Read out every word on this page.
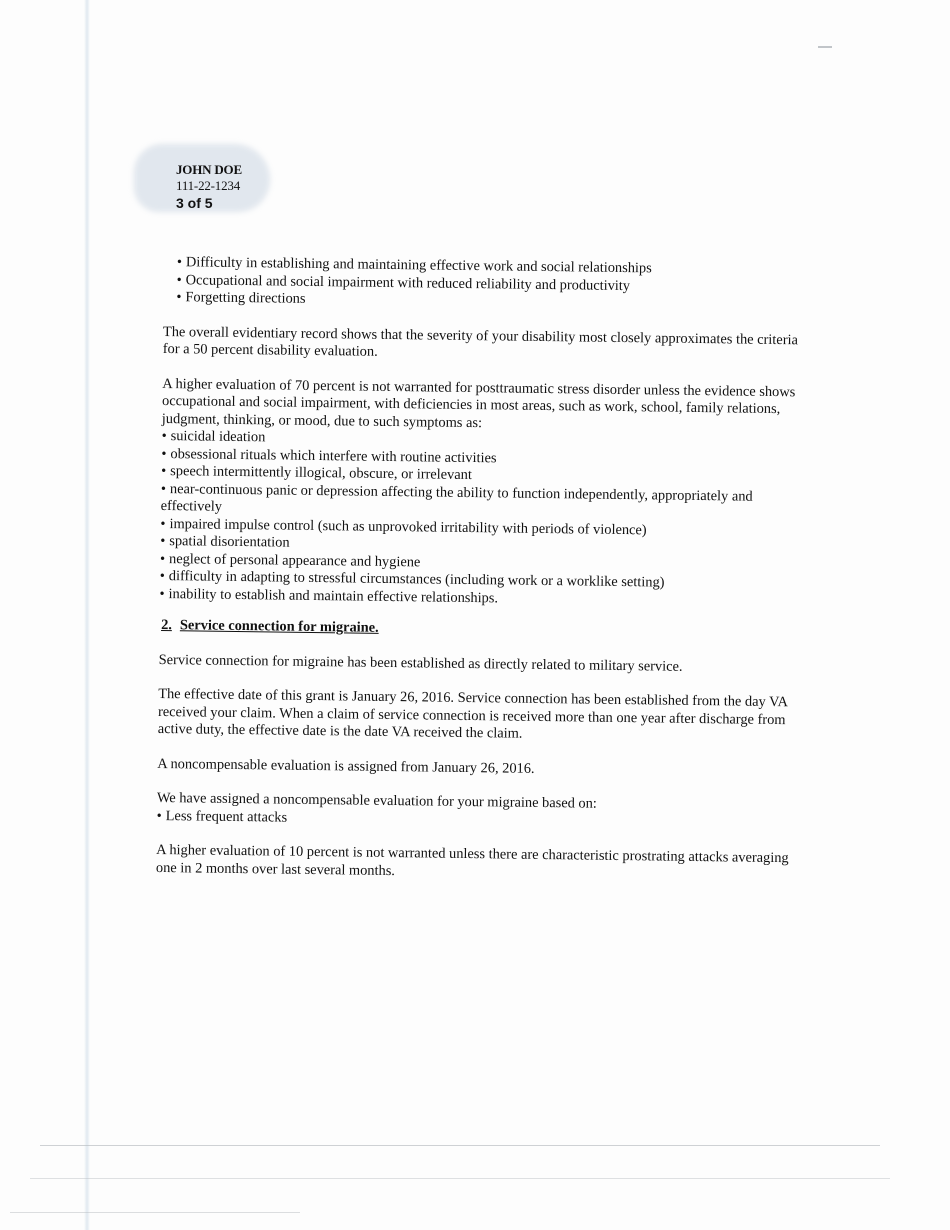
JOHN DOE
111-22-1234
3 of 5
• Difficulty in establishing and maintaining effective work and social relationships
• Occupational and social impairment with reduced reliability and productivity
• Forgetting directions

The overall evidentiary record shows that the severity of your disability most closely approximates the criteria for a 50 percent disability evaluation.

A higher evaluation of 70 percent is not warranted for posttraumatic stress disorder unless the evidence shows occupational and social impairment, with deficiencies in most areas, such as work, school, family relations, judgment, thinking, or mood, due to such symptoms as:

• suicidal ideation
• obsessional rituals which interfere with routine activities
• speech intermittently illogical, obscure, or irrelevant
• near-continuous panic or depression affecting the ability to function independently, appropriately and effectively
• impaired impulse control (such as unprovoked irritability with periods of violence)
• spatial disorientation
• neglect of personal appearance and hygiene
• difficulty in adapting to stressful circumstances (including work or a worklike setting)
• inability to establish and maintain effective relationships.

2. Service connection for migraine.

Service connection for migraine has been established as directly related to military service.

The effective date of this grant is January 26, 2016. Service connection has been established from the day VA received your claim. When a claim of service connection is received more than one year after discharge from active duty, the effective date is the date VA received the claim.

A noncompensable evaluation is assigned from January 26, 2016.

We have assigned a noncompensable evaluation for your migraine based on:

• Less frequent attacks

A higher evaluation of 10 percent is not warranted unless there are characteristic prostrating attacks averaging one in 2 months over last several months.
